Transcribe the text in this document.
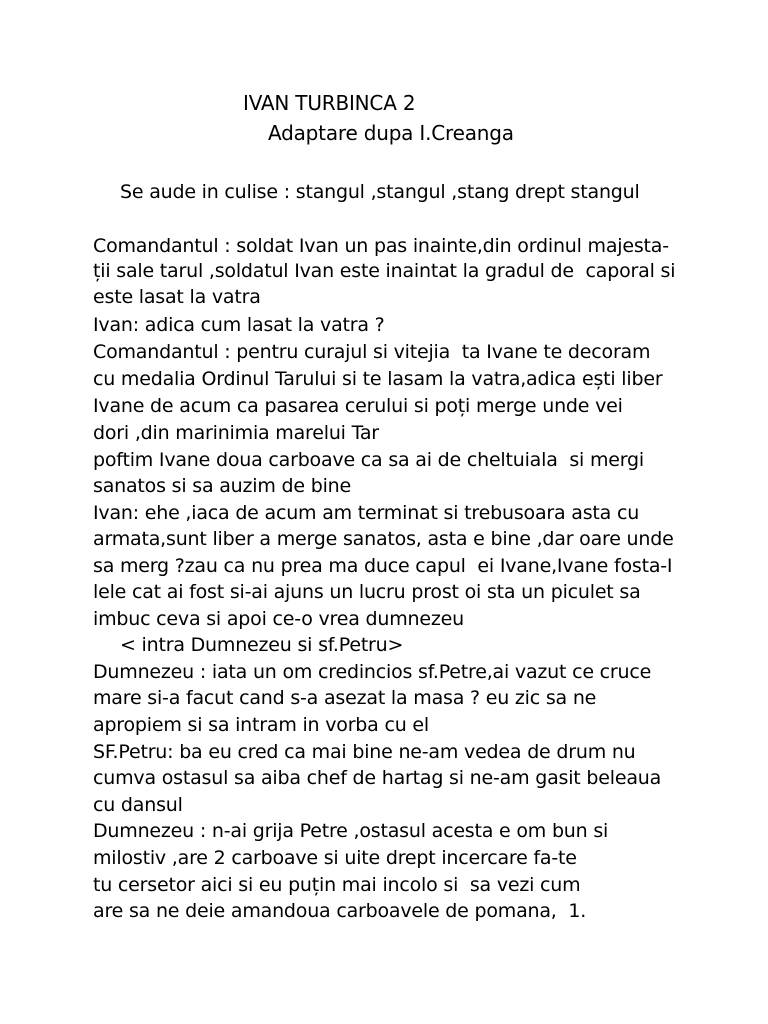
IVAN TURBINCA 2
Adaptare dupa I.Creanga
Se aude in culise : stangul ,stangul ,stang drept stangul
Comandantul : soldat Ivan un pas inainte,din ordinul majesta-
ții sale tarul ,soldatul Ivan este inaintat la gradul de  caporal si
este lasat la vatra
Ivan: adica cum lasat la vatra ?
Comandantul : pentru curajul si vitejia  ta Ivane te decoram
cu medalia Ordinul Tarului si te lasam la vatra,adica ești liber
Ivane de acum ca pasarea cerului si poți merge unde vei
dori ,din marinimia marelui Tar
poftim Ivane doua carboave ca sa ai de cheltuiala  si mergi
sanatos si sa auzim de bine
Ivan: ehe ,iaca de acum am terminat si trebusoara asta cu
armata,sunt liber a merge sanatos, asta e bine ,dar oare unde
sa merg ?zau ca nu prea ma duce capul  ei Ivane,Ivane fosta-I
lele cat ai fost si-ai ajuns un lucru prost oi sta un piculet sa
imbuc ceva si apoi ce-o vrea dumnezeu
< intra Dumnezeu si sf.Petru>
Dumnezeu : iata un om credincios sf.Petre,ai vazut ce cruce
mare si-a facut cand s-a asezat la masa ? eu zic sa ne
apropiem si sa intram in vorba cu el
SF.Petru: ba eu cred ca mai bine ne-am vedea de drum nu
cumva ostasul sa aiba chef de hartag si ne-am gasit beleaua
cu dansul
Dumnezeu : n-ai grija Petre ,ostasul acesta e om bun si
milostiv ,are 2 carboave si uite drept incercare fa-te
tu cersetor aici si eu puțin mai incolo si  sa vezi cum
are sa ne deie amandoua carboavele de pomana,  1.
